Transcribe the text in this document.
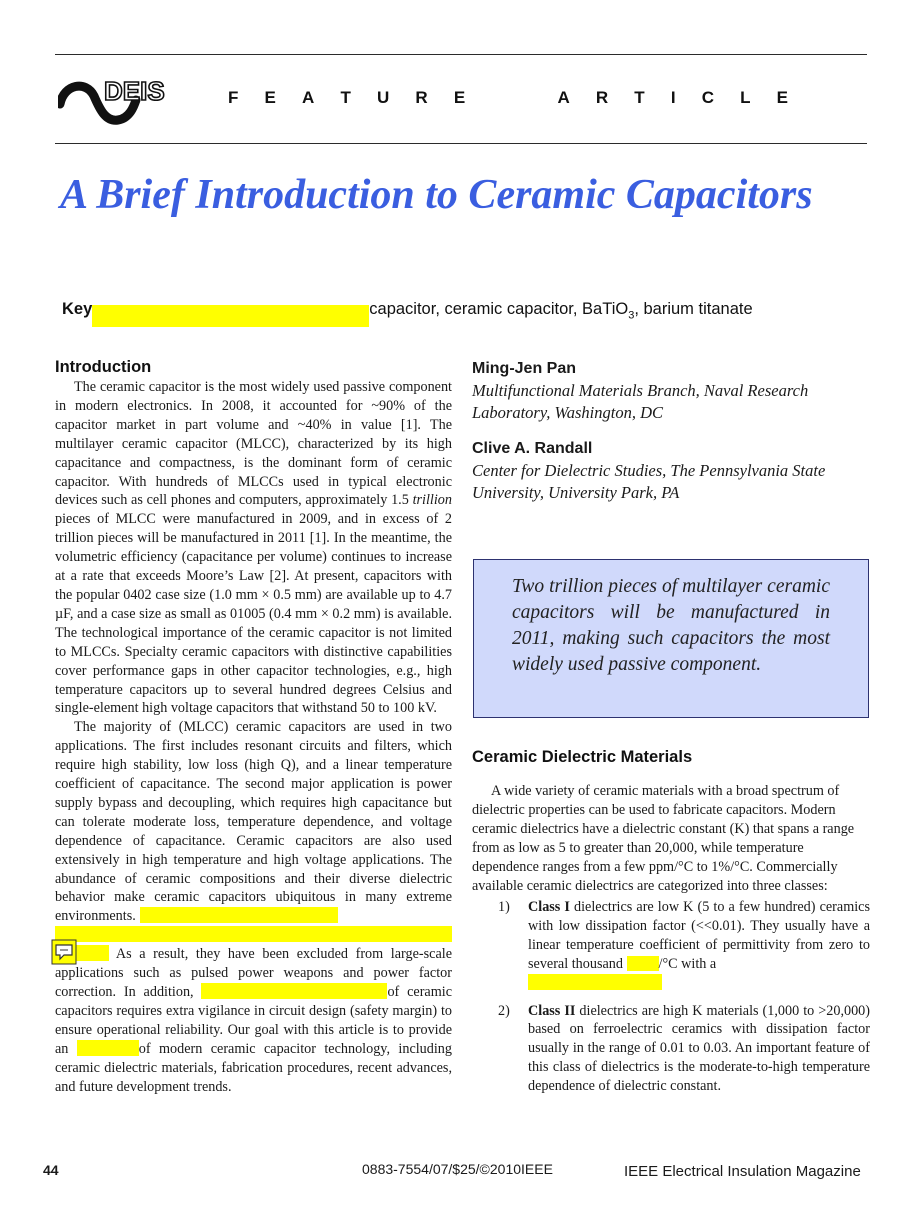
DEIS	F E A T U R E	A R T I C L E
A Brief Introduction to Ceramic Capacitors
Keywords: multilayer ceramiccapacitor, ceramic capacitor, BaTiO$_3$, barium titanate
Introduction

The ceramic capacitor is the most widely used passive component in modern electronics. In 2008, it accounted for ~90% of the capacitor market in part volume and ~40% in value [1]. The multilayer ceramic capacitor (MLCC), characterized by its high capacitance and compactness, is the dominant form of ceramic capacitor. With hundreds of MLCCs used in typical electronic devices such as cell phones and computers, approximately 1.5 trillion pieces of MLCC were manufactured in 2009, and in excess of 2 trillion pieces will be manufactured in 2011 [1]. In the meantime, the volumetric efficiency (capacitance per volume) continues to increase at a rate that exceeds Moore’s Law [2]. At present, capacitors with the popular 0402 case size (1.0 mm × 0.5 mm) are available up to 4.7 µF, and a case size as small as 01005 (0.4 mm × 0.2 mm) is available. The technological importance of the ceramic capacitor is not limited to MLCCs. Specialty ceramic capacitors with distinctive capabilities cover performance gaps in other capacitor technologies, e.g., high temperature capacitors up to several hundred degrees Celsius and single-element high voltage capacitors that withstand 50 to 100 kV.

The majority of (MLCC) ceramic capacitors are used in two applications. The first includes resonant circuits and filters, which require high stability, low loss (high Q), and a linear temperature coefficient of capacitance. The second major application is power supply bypass and decoupling, which requires high capacitance but can tolerate moderate loss, temperature dependence, and voltage dependence of capacitance. Ceramic capacitors are also used extensively in high temperature and high voltage applications. The abundance of ceramic compositions and their diverse dielectric behavior make ceramic capacitors ubiquitous in many extreme environments.

As a result, they have been excluded from large-scale applications such as pulsed power weapons and power factor correction. In addition,	of ceramic capacitors requires extra vigilance in circuit design (safety margin) to ensure operational reliability. Our goal with this article is to provide an	of modern ceramic capacitor technology, including ceramic dielectric materials, fabrication procedures, recent advances, and future development trends.

Ming-Jen Pan
Multifunctional Materials Branch, Naval Research Laboratory, Washington, DC
Clive A. Randall
Center for Dielectric Studies, The Pennsylvania State University, University Park, PA
Two trillion pieces of multilayer ceramic capacitors will be manufactured in 2011, making such capacitors the most widely used passive component.
Ceramic Dielectric Materials

A wide variety of ceramic materials with a broad spectrum of dielectric properties can be used to fabricate capacitors. Modern ceramic dielectrics have a dielectric constant (K) that spans a range from as low as 5 to greater than 20,000, while temperature dependence ranges from a few ppm/°C to 1%/°C. Commercially available ceramic dielectrics are categorized into three classes:

1)	Class I dielectrics are low K (5 to a few hundred) ceramics with low dissipation factor (<<0.01). They usually have a linear temperature coefficient of permittivity from zero to several thousand /°C with a

2)	Class II dielectrics are high K materials (1,000 to >20,000) based on ferroelectric ceramics with dissipation factor usually in the range of 0.01 to 0.03. An important feature of this class of dielectrics is the moderate-to-high temperature dependence of dielectric constant.
44	0883-7554/07/$25/©2010IEEE	IEEE Electrical Insulation Magazine
